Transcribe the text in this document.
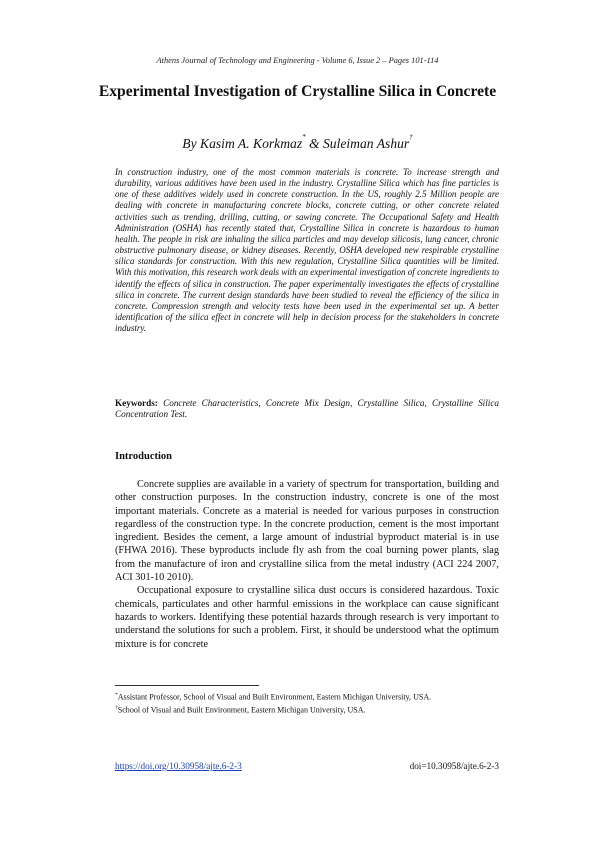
Athens Journal of Technology and Engineering - Volume 6, Issue 2 – Pages 101-114
Experimental Investigation of Crystalline Silica in Concrete
By Kasim A. Korkmaz* & Suleiman Ashur†
In construction industry, one of the most common materials is concrete. To increase strength and durability, various additives have been used in the industry. Crystalline Silica which has fine particles is one of these additives widely used in concrete construction. In the US, roughly 2.5 Million people are dealing with concrete in manufacturing concrete blocks, concrete cutting, or other concrete related activities such as trending, drilling, cutting, or sawing concrete. The Occupational Safety and Health Administration (OSHA) has recently stated that, Crystalline Silica in concrete is hazardous to human health. The people in risk are inhaling the silica particles and may develop silicosis, lung cancer, chronic obstructive pulmonary disease, or kidney diseases. Recently, OSHA developed new respirable crystalline silica standards for construction. With this new regulation, Crystalline Silica quantities will be limited. With this motivation, this research work deals with an experimental investigation of concrete ingredients to identify the effects of silica in construction. The paper experimentally investigates the effects of crystalline silica in concrete. The current design standards have been studied to reveal the efficiency of the silica in concrete. Compression strength and velocity tests have been used in the experimental set up. A better identification of the silica effect in concrete will help in decision process for the stakeholders in concrete industry.
Keywords: Concrete Characteristics, Concrete Mix Design, Crystalline Silica, Crystalline Silica Concentration Test.
Introduction

Concrete supplies are available in a variety of spectrum for transportation, building and other construction purposes. In the construction industry, concrete is one of the most important materials. Concrete as a material is needed for various purposes in construction regardless of the construction type. In the concrete production, cement is the most important ingredient. Besides the cement, a large amount of industrial byproduct material is in use (FHWA 2016). These byproducts include fly ash from the coal burning power plants, slag from the manufacture of iron and crystalline silica from the metal industry (ACI 224 2007, ACI 301-10 2010).

Occupational exposure to crystalline silica dust occurs is considered hazardous. Toxic chemicals, particulates and other harmful emissions in the workplace can cause significant hazards to workers. Identifying these potential hazards through research is very important to understand the solutions for such a problem. First, it should be understood what the optimum mixture is for concrete

*Assistant Professor, School of Visual and Built Environment, Eastern Michigan University, USA.

†School of Visual and Built Environment, Eastern Michigan University, USA.

https://doi.org/10.30958/ajte.6-2-3	doi=10.30958/ajte.6-2-3
